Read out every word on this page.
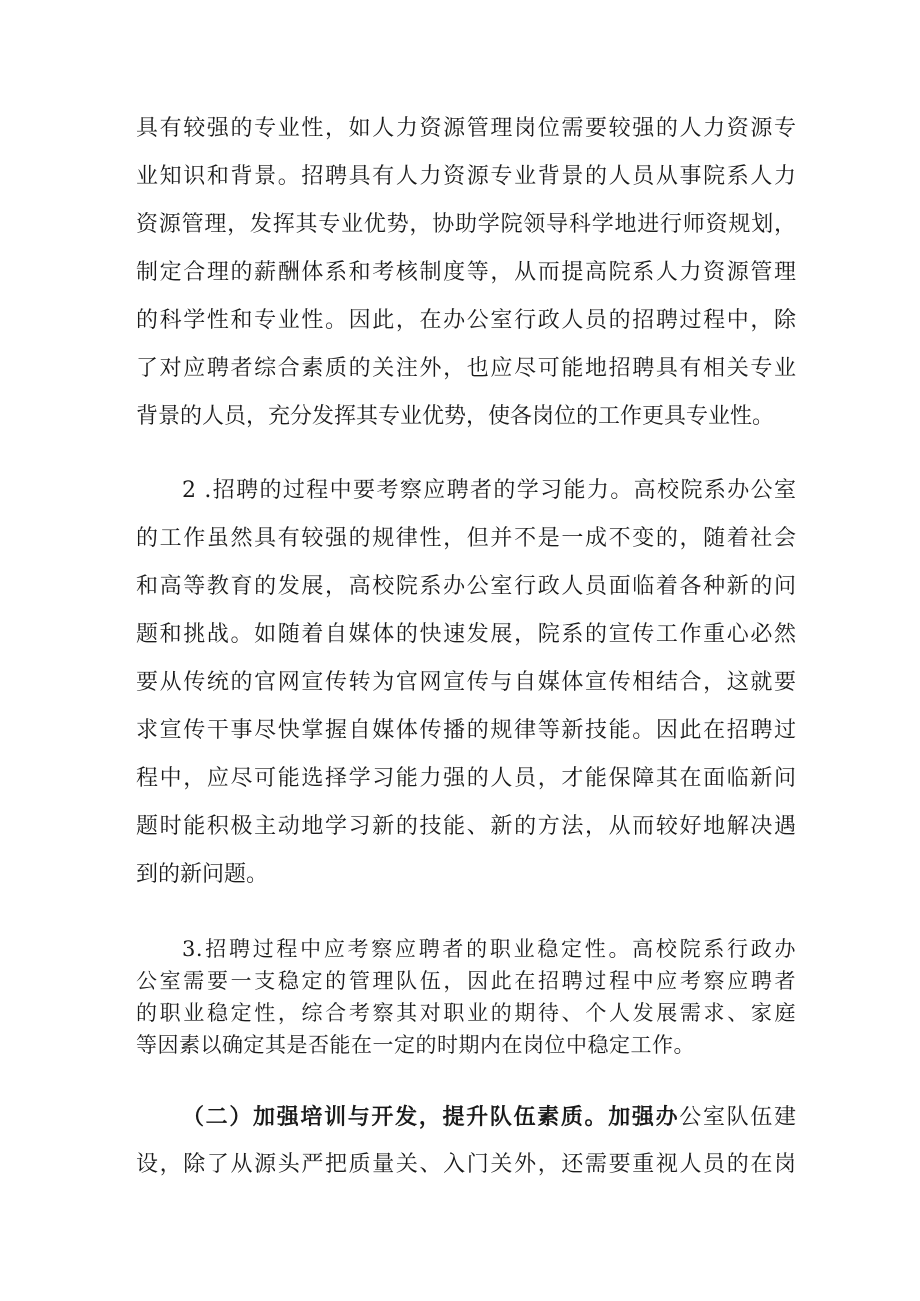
具有较强的专业性，如人力资源管理岗位需要较强的人力资源专
业知识和背景。招聘具有人力资源专业背景的人员从事院系人力
资源管理，发挥其专业优势，协助学院领导科学地进行师资规划，
制定合理的薪酬体系和考核制度等，从而提高院系人力资源管理
的科学性和专业性。因此，在办公室行政人员的招聘过程中，除
了对应聘者综合素质的关注外，也应尽可能地招聘具有相关专业
背景的人员，充分发挥其专业优势，使各岗位的工作更具专业性。
2 .招聘的过程中要考察应聘者的学习能力。高校院系办公室
的工作虽然具有较强的规律性，但并不是一成不变的，随着社会
和高等教育的发展，高校院系办公室行政人员面临着各种新的问
题和挑战。如随着自媒体的快速发展，院系的宣传工作重心必然
要从传统的官网宣传转为官网宣传与自媒体宣传相结合，这就要
求宣传干事尽快掌握自媒体传播的规律等新技能。因此在招聘过
程中，应尽可能选择学习能力强的人员，才能保障其在面临新问
题时能积极主动地学习新的技能、新的方法，从而较好地解决遇
到的新问题。
3.招聘过程中应考察应聘者的职业稳定性。高校院系行政办
公室需要一支稳定的管理队伍，因此在招聘过程中应考察应聘者
的职业稳定性，综合考察其对职业的期待、个人发展需求、家庭
等因素以确定其是否能在一定的时期内在岗位中稳定工作。
（二）加强培训与开发，提升队伍素质。加强办公室队伍建
设，除了从源头严把质量关、入门关外，还需要重视人员的在岗
